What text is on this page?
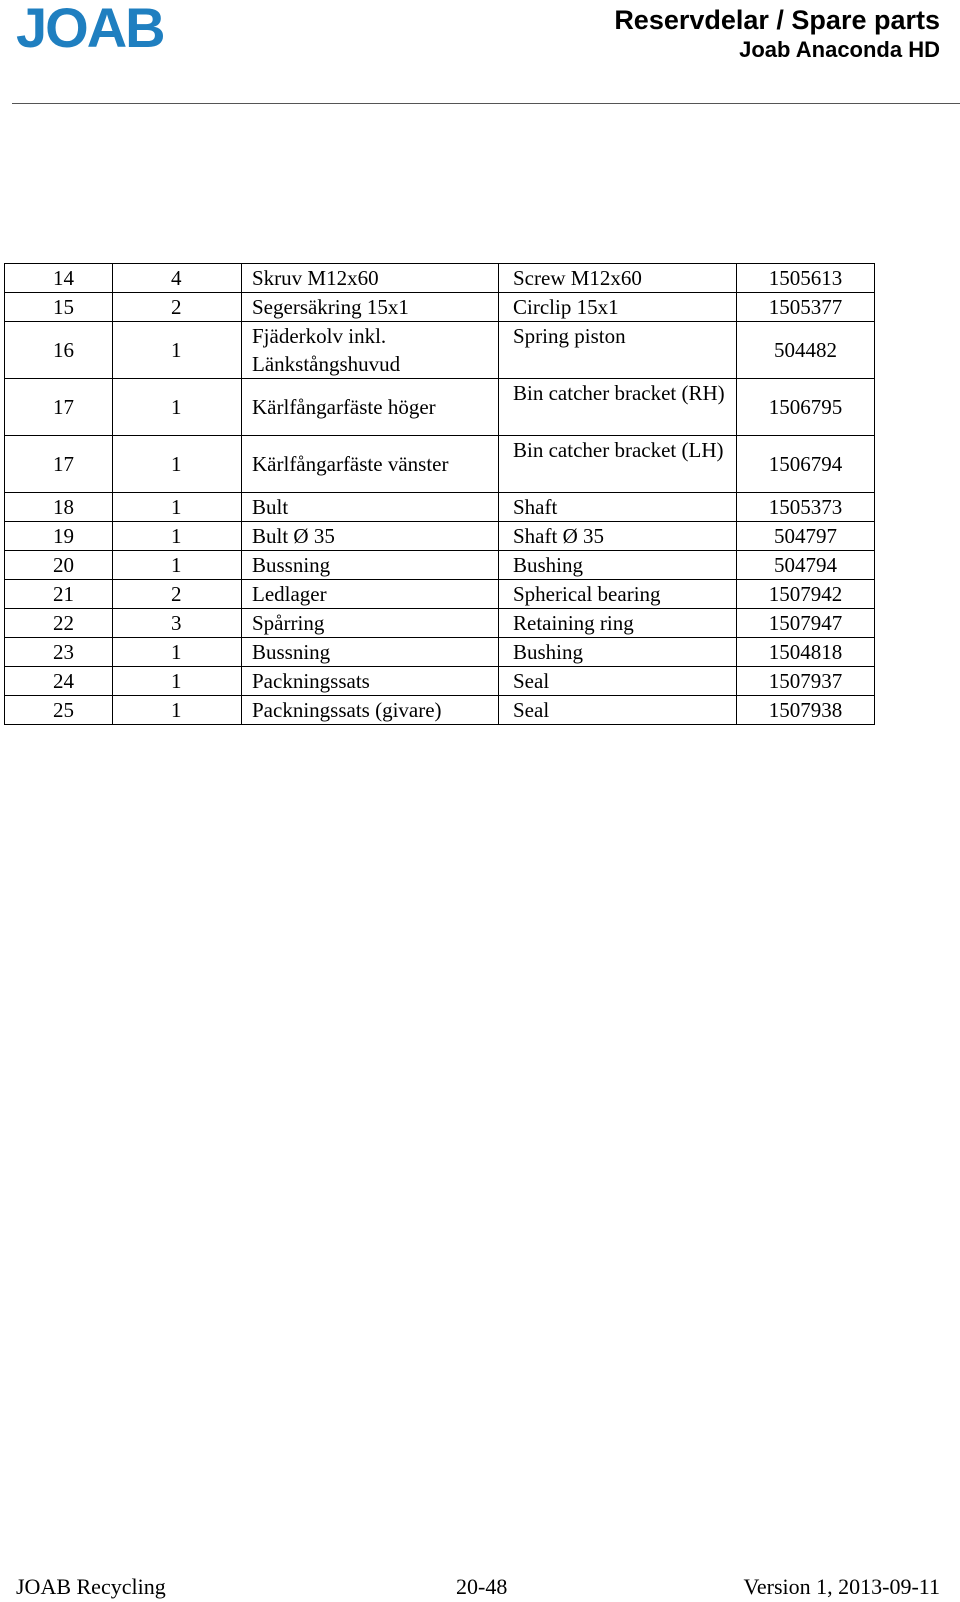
JOAB	Reservdelar / Spare parts
Joab Anaconda HD
14	4	Skruv M12x60	Screw M12x60	1505613
15	2	Segersäkring 15x1	Circlip 15x1	1505377
16	1	Fjäderkolv inkl. Länkstångshuvud	Spring piston	504482
17	1	Kärlfångarfäste höger	Bin catcher bracket (RH)	1506795
17	1	Kärlfångarfäste vänster	Bin catcher bracket (LH)	1506794
18	1	Bult	Shaft	1505373
19	1	Bult Ø 35	Shaft Ø 35	504797
20	1	Bussning	Bushing	504794
21	2	Ledlager	Spherical bearing	1507942
22	3	Spårring	Retaining ring	1507947
23	1	Bussning	Bushing	1504818
24	1	Packningssats	Seal	1507937
25	1	Packningssats (givare)	Seal	1507938
JOAB Recycling	20-48	Version 1, 2013-09-11
